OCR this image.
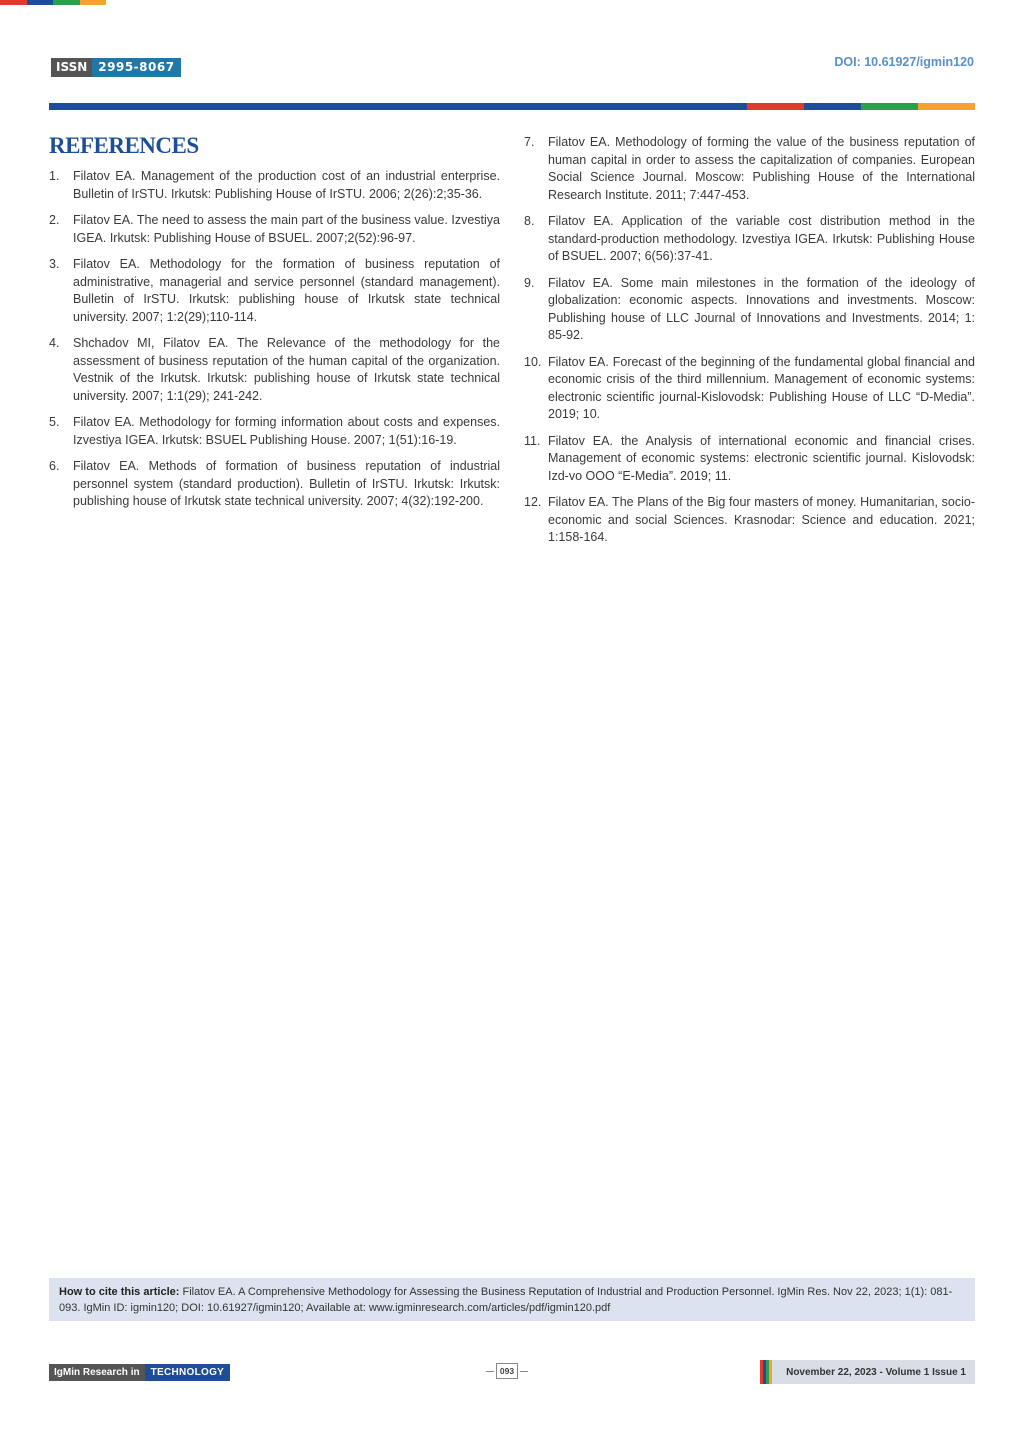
ISSN 2995-8067	DOI: 10.61927/igmin120
REFERENCES
1. Filatov EA. Management of the production cost of an industrial enterprise. Bulletin of IrSTU. Irkutsk: Publishing House of IrSTU. 2006; 2(26):2;35-36.
2. Filatov EA. The need to assess the main part of the business value. Izvestiya IGEA. Irkutsk: Publishing House of BSUEL. 2007;2(52):96-97.
3. Filatov EA. Methodology for the formation of business reputation of administrative, managerial and service personnel (standard management). Bulletin of IrSTU. Irkutsk: publishing house of Irkutsk state technical university. 2007; 1:2(29);110-114.
4. Shchadov MI, Filatov EA. The Relevance of the methodology for the assessment of business reputation of the human capital of the organization. Vestnik of the Irkutsk. Irkutsk: publishing house of Irkutsk state technical university. 2007; 1:1(29); 241-242.
5. Filatov EA. Methodology for forming information about costs and expenses. Izvestiya IGEA. Irkutsk: BSUEL Publishing House. 2007; 1(51):16-19.
6. Filatov EA. Methods of formation of business reputation of industrial personnel system (standard production). Bulletin of IrSTU. Irkutsk: Irkutsk: publishing house of Irkutsk state technical university. 2007; 4(32):192-200.
7. Filatov EA. Methodology of forming the value of the business reputation of human capital in order to assess the capitalization of companies. European Social Science Journal. Moscow: Publishing House of the International Research Institute. 2011; 7:447-453.
8. Filatov EA. Application of the variable cost distribution method in the standard-production methodology. Izvestiya IGEA. Irkutsk: Publishing House of BSUEL. 2007; 6(56):37-41.
9. Filatov EA. Some main milestones in the formation of the ideology of globalization: economic aspects. Innovations and investments. Moscow: Publishing house of LLC Journal of Innovations and Investments. 2014; 1: 85-92.
10. Filatov EA. Forecast of the beginning of the fundamental global financial and economic crisis of the third millennium. Management of economic systems: electronic scientific journal-Kislovodsk: Publishing House of LLC “D-Media”. 2019; 10.
11. Filatov EA. the Analysis of international economic and financial crises. Management of economic systems: electronic scientific journal. Kislovodsk: Izd-vo OOO “E-Media”. 2019; 11.
12. Filatov EA. The Plans of the Big four masters of money. Humanitarian, socio-economic and social Sciences. Krasnodar: Science and education. 2021; 1:158-164.
How to cite this article: Filatov EA. A Comprehensive Methodology for Assessing the Business Reputation of Industrial and Production Personnel. IgMin Res. Nov 22, 2023; 1(1): 081-093. IgMin ID: igmin120; DOI: 10.61927/igmin120; Available at: www.igminresearch.com/articles/pdf/igmin120.pdf
IgMin Research in	TECHNOLOGY	093	November 22, 2023 - Volume 1 Issue 1
